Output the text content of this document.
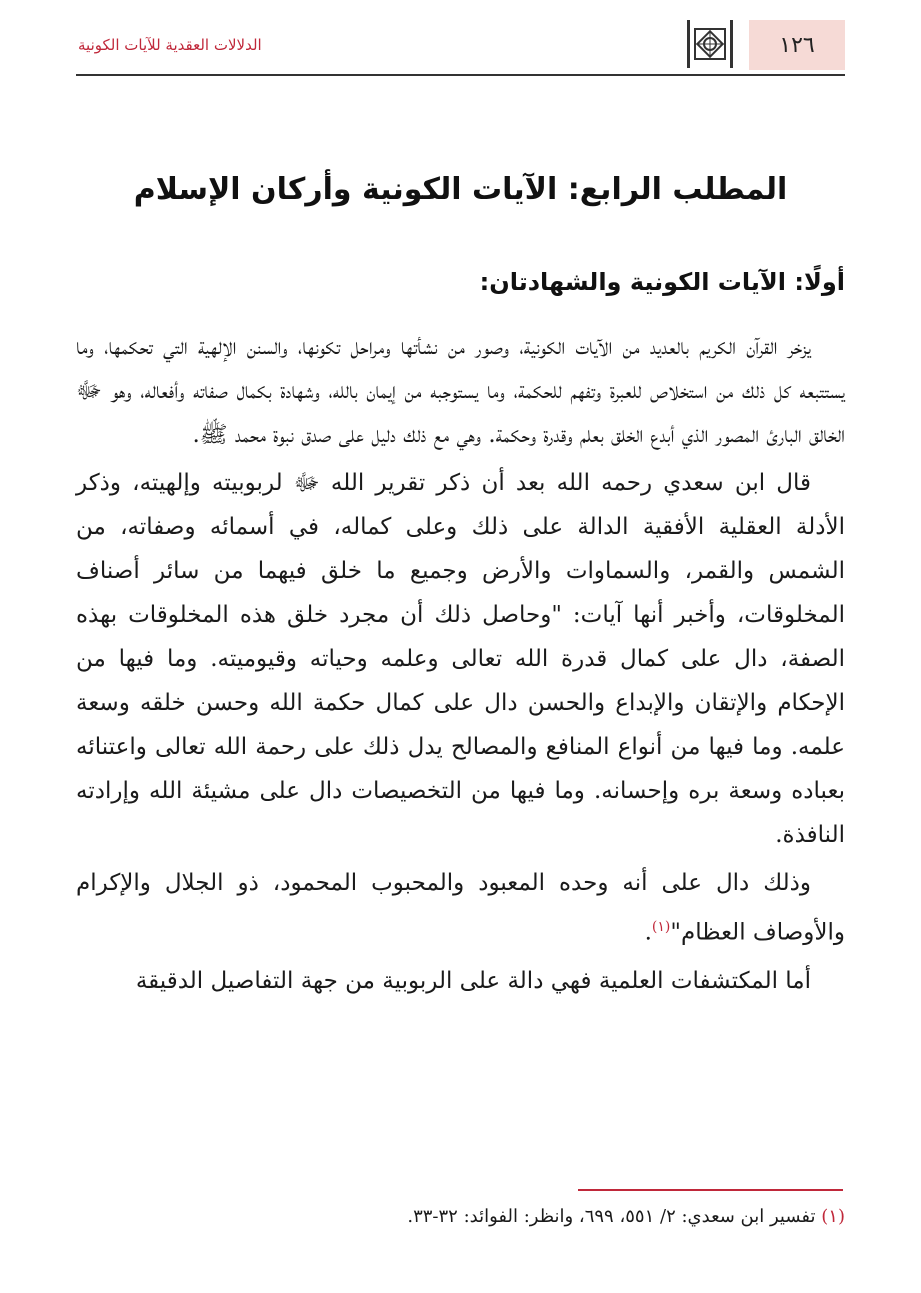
١٢٦
الدلالات العقدية للآيات الكونية
المطلب الرابع: الآيات الكونية وأركان الإسلام
أولًا: الآيات الكونية والشهادتان:

يزخر القرآن الكريم بالعديد من الآيات الكونية، وصور من نشأتها ومراحل تكونها، والسنن الإلهية التي تحكمها، وما يستتبعه كل ذلك من استخلاص للعبرة وتفهم للحكمة، وما يستوجبه من إيمان بالله، وشهادة بكمال صفاته وأفعاله، وهو ﷻ الخالق البارئ المصور الذي أبدع الخلق بعلم وقدرة وحكمة. وهي مع ذلك دليل على صدق نبوة محمد ﷺ.

قال ابن سعدي رحمه الله بعد أن ذكر تقرير الله ﷻ لربوبيته وإلهيته، وذكر الأدلة العقلية الأفقية الدالة على ذلك وعلى كماله، في أسمائه وصفاته، من الشمس والقمر، والسماوات والأرض وجميع ما خلق فيهما من سائر أصناف المخلوقات، وأخبر أنها آيات: "وحاصل ذلك أن مجرد خلق هذه المخلوقات بهذه الصفة، دال على كمال قدرة الله تعالى وعلمه وحياته وقيوميته. وما فيها من الإحكام والإتقان والإبداع والحسن دال على كمال حكمة الله وحسن خلقه وسعة علمه. وما فيها من أنواع المنافع والمصالح يدل ذلك على رحمة الله تعالى واعتنائه بعباده وسعة بره وإحسانه. وما فيها من التخصيصات دال على مشيئة الله وإرادته النافذة.

وذلك دال على أنه وحده المعبود والمحبوب المحمود، ذو الجلال والإكرام والأوصاف العظام"$^{(١)}$.

أما المكتشفات العلمية فهي دالة على الربوبية من جهة التفاصيل الدقيقة

(١) تفسير ابن سعدي: ٢/ ٥٥١، ٦٩٩، وانظر: الفوائد: ٣٢-٣٣.
